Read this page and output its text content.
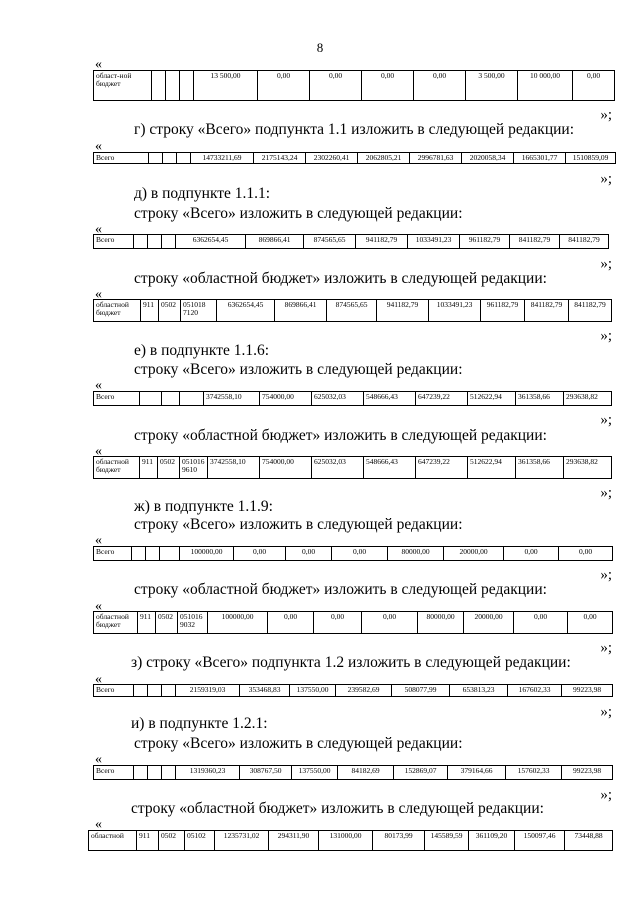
8
«
област-ной бюджет				13 500,00	0,00	0,00	0,00	0,00	3 500,00	10 000,00	0,00
»;
г) строку «Всего» подпункта 1.1 изложить в следующей редакции:
«
Всего				14733211,69	2175143,24	2302260,41	2062805,21	2996781,63	2020058,34	1665301,77	1510859,09
»;
д) в подпункте 1.1.1:
строку «Всего» изложить в следующей редакции:
«
Всего				6362654,45	869866,41	874565,65	941182,79	1033491,23	961182,79	841182,79	841182,79
»;
строку «областной бюджет» изложить в следующей редакции:
«
областной бюджет	911	0502	051018 7120	6362654,45	869866,41	874565,65	941182,79	1033491,23	961182,79	841182,79	841182,79
»;
е) в подпункте 1.1.6:
строку «Всего» изложить в следующей редакции:
«
Всего				3742558,10	754000,00	625032,03	548666,43	647239,22	512622,94	361358,66	293638,82
»;
строку «областной бюджет» изложить в следующей редакции:
«
областной бюджет	911	0502	051016 9610	3742558,10	754000,00	625032,03	548666,43	647239,22	512622,94	361358,66	293638,82
»;
ж) в подпункте 1.1.9:
строку «Всего» изложить в следующей редакции:
«
Всего				100000,00	0,00	0,00	0,00	80000,00	20000,00	0,00	0,00
»;
строку «областной бюджет» изложить в следующей редакции:
«
областной бюджет	911	0502	051016 9032	100000,00	0,00	0,00	0,00	80000,00	20000,00	0,00	0,00
»;
з) строку «Всего» подпункта 1.2 изложить в следующей редакции:
«
Всего				2159319,03	353468,83	137550,00	239582,69	508077,99	653813,23	167602,33	99223,98
»;
и) в подпункте 1.2.1:
строку «Всего» изложить в следующей редакции:
«
Всего				1319360,23	308767,50	137550,00	84182,69	152869,07	379164,66	157602,33	99223,98
»;
строку «областной бюджет» изложить в следующей редакции:
«
областной	911	0502	05102	1235731,02	294311,90	131000,00	80173,99	145589,59	361109,20	150097,46	73448,88
